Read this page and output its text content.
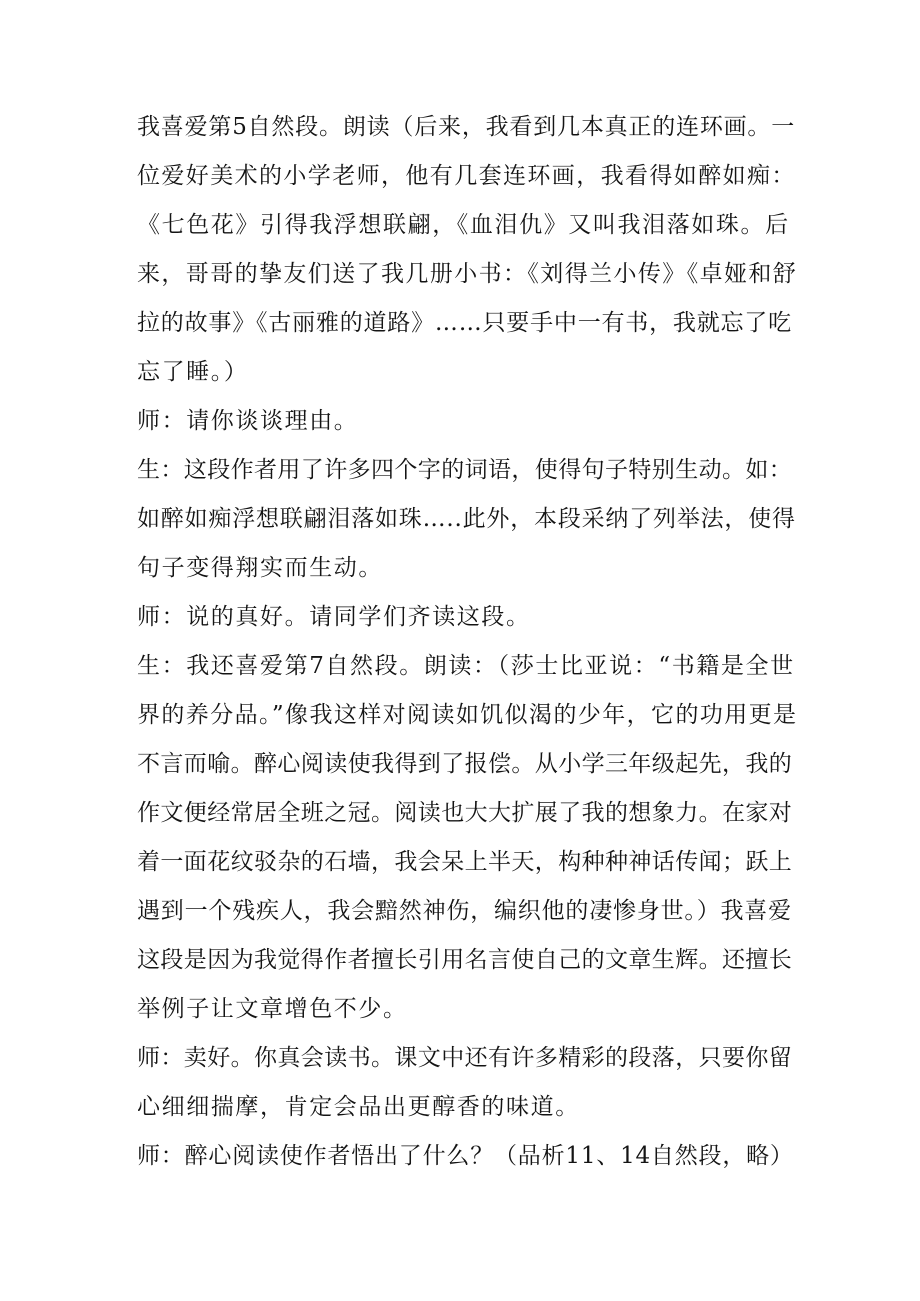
我喜爱第5自然段。朗读（后来，我看到几本真正的连环画。一

位爱好美术的小学老师，他有几套连环画，我看得如醉如痴：

《七色花》引得我浮想联翩，《血泪仇》又叫我泪落如珠。后

来，哥哥的挚友们送了我几册小书：《刘得兰小传》《卓娅和舒

拉的故事》《古丽雅的道路》……只要手中一有书，我就忘了吃

忘了睡。）

师：请你谈谈理由。

生：这段作者用了许多四个字的词语，使得句子特别生动。如：

如醉如痴浮想联翩泪落如珠…..此外，本段采纳了列举法，使得

句子变得翔实而生动。

师：说的真好。请同学们齐读这段。

生：我还喜爱第7自然段。朗读：（莎士比亚说：“书籍是全世

界的养分品。”像我这样对阅读如饥似渴的少年，它的功用更是

不言而喻。醉心阅读使我得到了报偿。从小学三年级起先，我的

作文便经常居全班之冠。阅读也大大扩展了我的想象力。在家对

着一面花纹驳杂的石墙，我会呆上半天，构种种神话传闻；跃上

遇到一个残疾人，我会黯然神伤，编织他的凄惨身世。）我喜爱

这段是因为我觉得作者擅长引用名言使自己的文章生辉。还擅长

举例子让文章增色不少。

师：卖好。你真会读书。课文中还有许多精彩的段落，只要你留

心细细揣摩，肯定会品出更醇香的味道。

师：醉心阅读使作者悟出了什么？（品析11、14自然段，略）
